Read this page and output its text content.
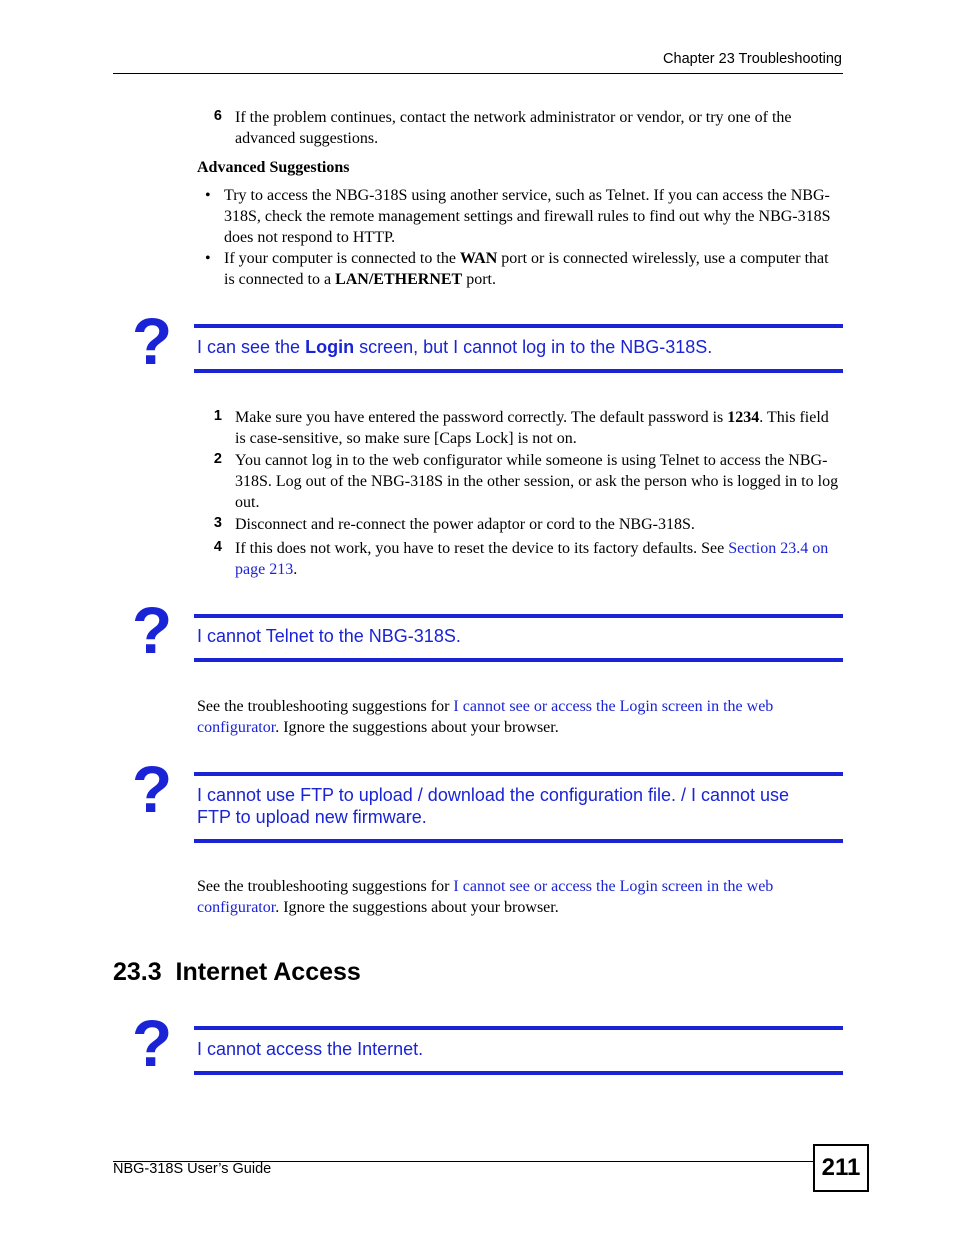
Chapter 23 Troubleshooting
6 If the problem continues, contact the network administrator or vendor, or try one of the advanced suggestions.
Advanced Suggestions
• Try to access the NBG-318S using another service, such as Telnet. If you can access the NBG-318S, check the remote management settings and firewall rules to find out why the NBG-318S does not respond to HTTP.
• If your computer is connected to the WAN port or is connected wirelessly, use a computer that is connected to a LAN/ETHERNET port.
? I can see the Login screen, but I cannot log in to the NBG-318S.
1 Make sure you have entered the password correctly. The default password is 1234. This field is case-sensitive, so make sure [Caps Lock] is not on.
2 You cannot log in to the web configurator while someone is using Telnet to access the NBG-318S. Log out of the NBG-318S in the other session, or ask the person who is logged in to log out.
3 Disconnect and re-connect the power adaptor or cord to the NBG-318S.
4 If this does not work, you have to reset the device to its factory defaults. See Section 23.4 on page 213.
? I cannot Telnet to the NBG-318S.
See the troubleshooting suggestions for I cannot see or access the Login screen in the web configurator. Ignore the suggestions about your browser.
? I cannot use FTP to upload / download the configuration file. / I cannot use FTP to upload new firmware.
See the troubleshooting suggestions for I cannot see or access the Login screen in the web configurator. Ignore the suggestions about your browser.
23.3  Internet Access
? I cannot access the Internet.
NBG-318S User’s Guide	211
